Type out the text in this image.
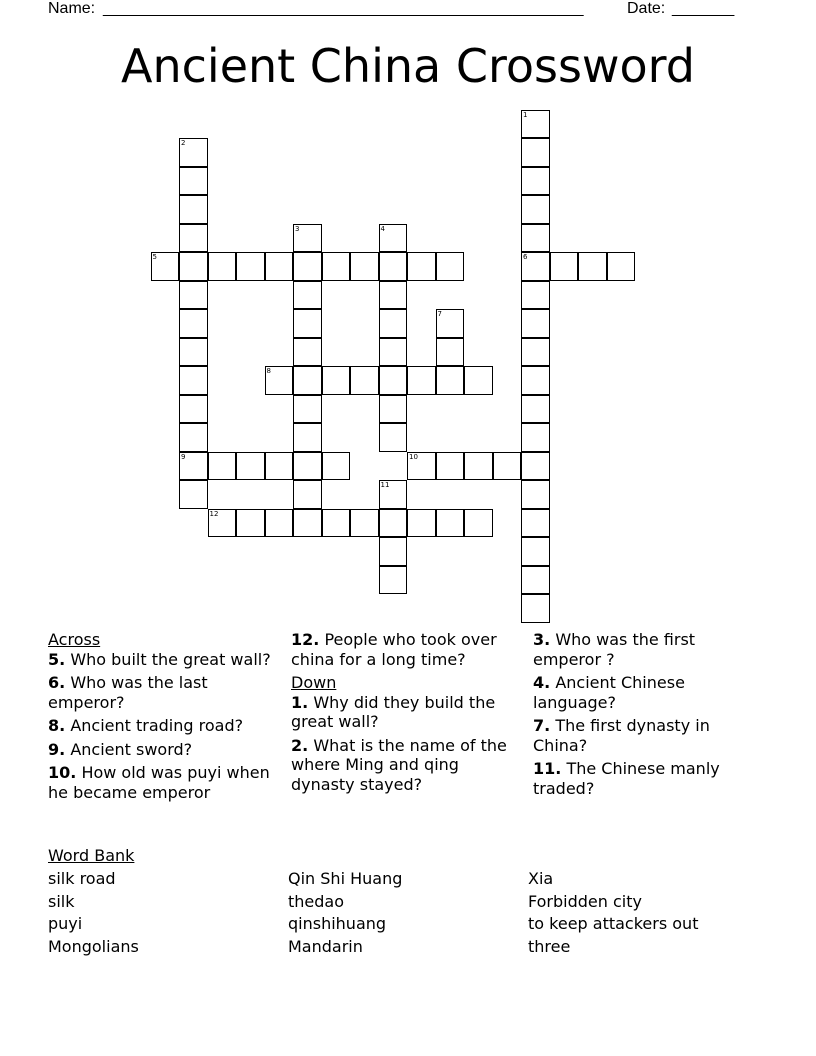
Name: ______________________________________________________	Date: _______
Ancient China Crossword
5	6
8
9	10
12
1
2
3	4
7
11

Across

5. Who built the great wall?

6. Who was the last emperor?

8. Ancient trading road?

9. Ancient sword?

10. How old was puyi when he became emperor

12. People who took over china for a long time?

Down

1. Why did they build the great wall?

2. What is the name of the where Ming and qing dynasty stayed?

3. Who was the first emperor ?

4. Ancient Chinese language?

7. The first dynasty in China?

11. The Chinese manly traded?

Word Bank
silk road
silk
puyi
Mongolians
Qin Shi Huang
thedao
qinshihuang
Mandarin
Xia
Forbidden city
to keep attackers out
three
